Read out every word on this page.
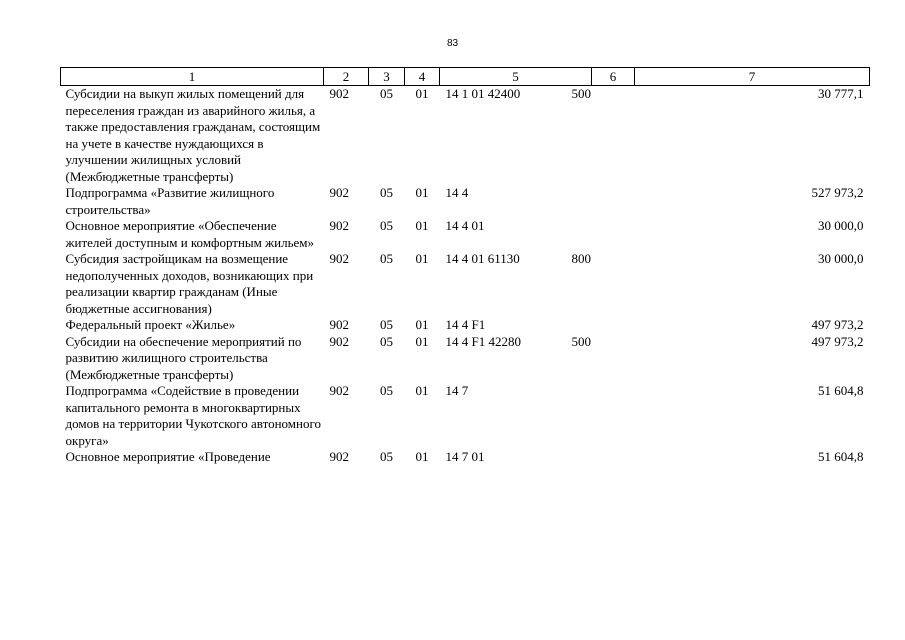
83
1	2	3	4	5	6	7
Субсидии на выкуп жилых помещений для переселения граждан из аварийного жилья, а также предоставления гражданам, состоящим на учете в качестве нуждающихся в улучшении жилищных условий (Межбюджетные трансферты)	902	05	01	14 1 01 42400	500	30 777,1
Подпрограмма «Развитие жилищного строительства»	902	05	01	14 4		527 973,2
Основное мероприятие «Обеспечение жителей доступным и комфортным жильем»	902	05	01	14 4 01		30 000,0
Субсидия застройщикам на возмещение недополученных доходов, возникающих при реализации квартир гражданам (Иные бюджетные ассигнования)	902	05	01	14 4 01 61130	800	30 000,0
Федеральный проект «Жилье»	902	05	01	14 4 F1		497 973,2
Субсидии на обеспечение мероприятий по развитию жилищного строительства (Межбюджетные трансферты)	902	05	01	14 4 F1 42280	500	497 973,2
Подпрограмма «Содействие в проведении капитального ремонта в многоквартирных домов на территории Чукотского автономного округа»	902	05	01	14 7		51 604,8
Основное мероприятие «Проведение	902	05	01	14 7 01		51 604,8
